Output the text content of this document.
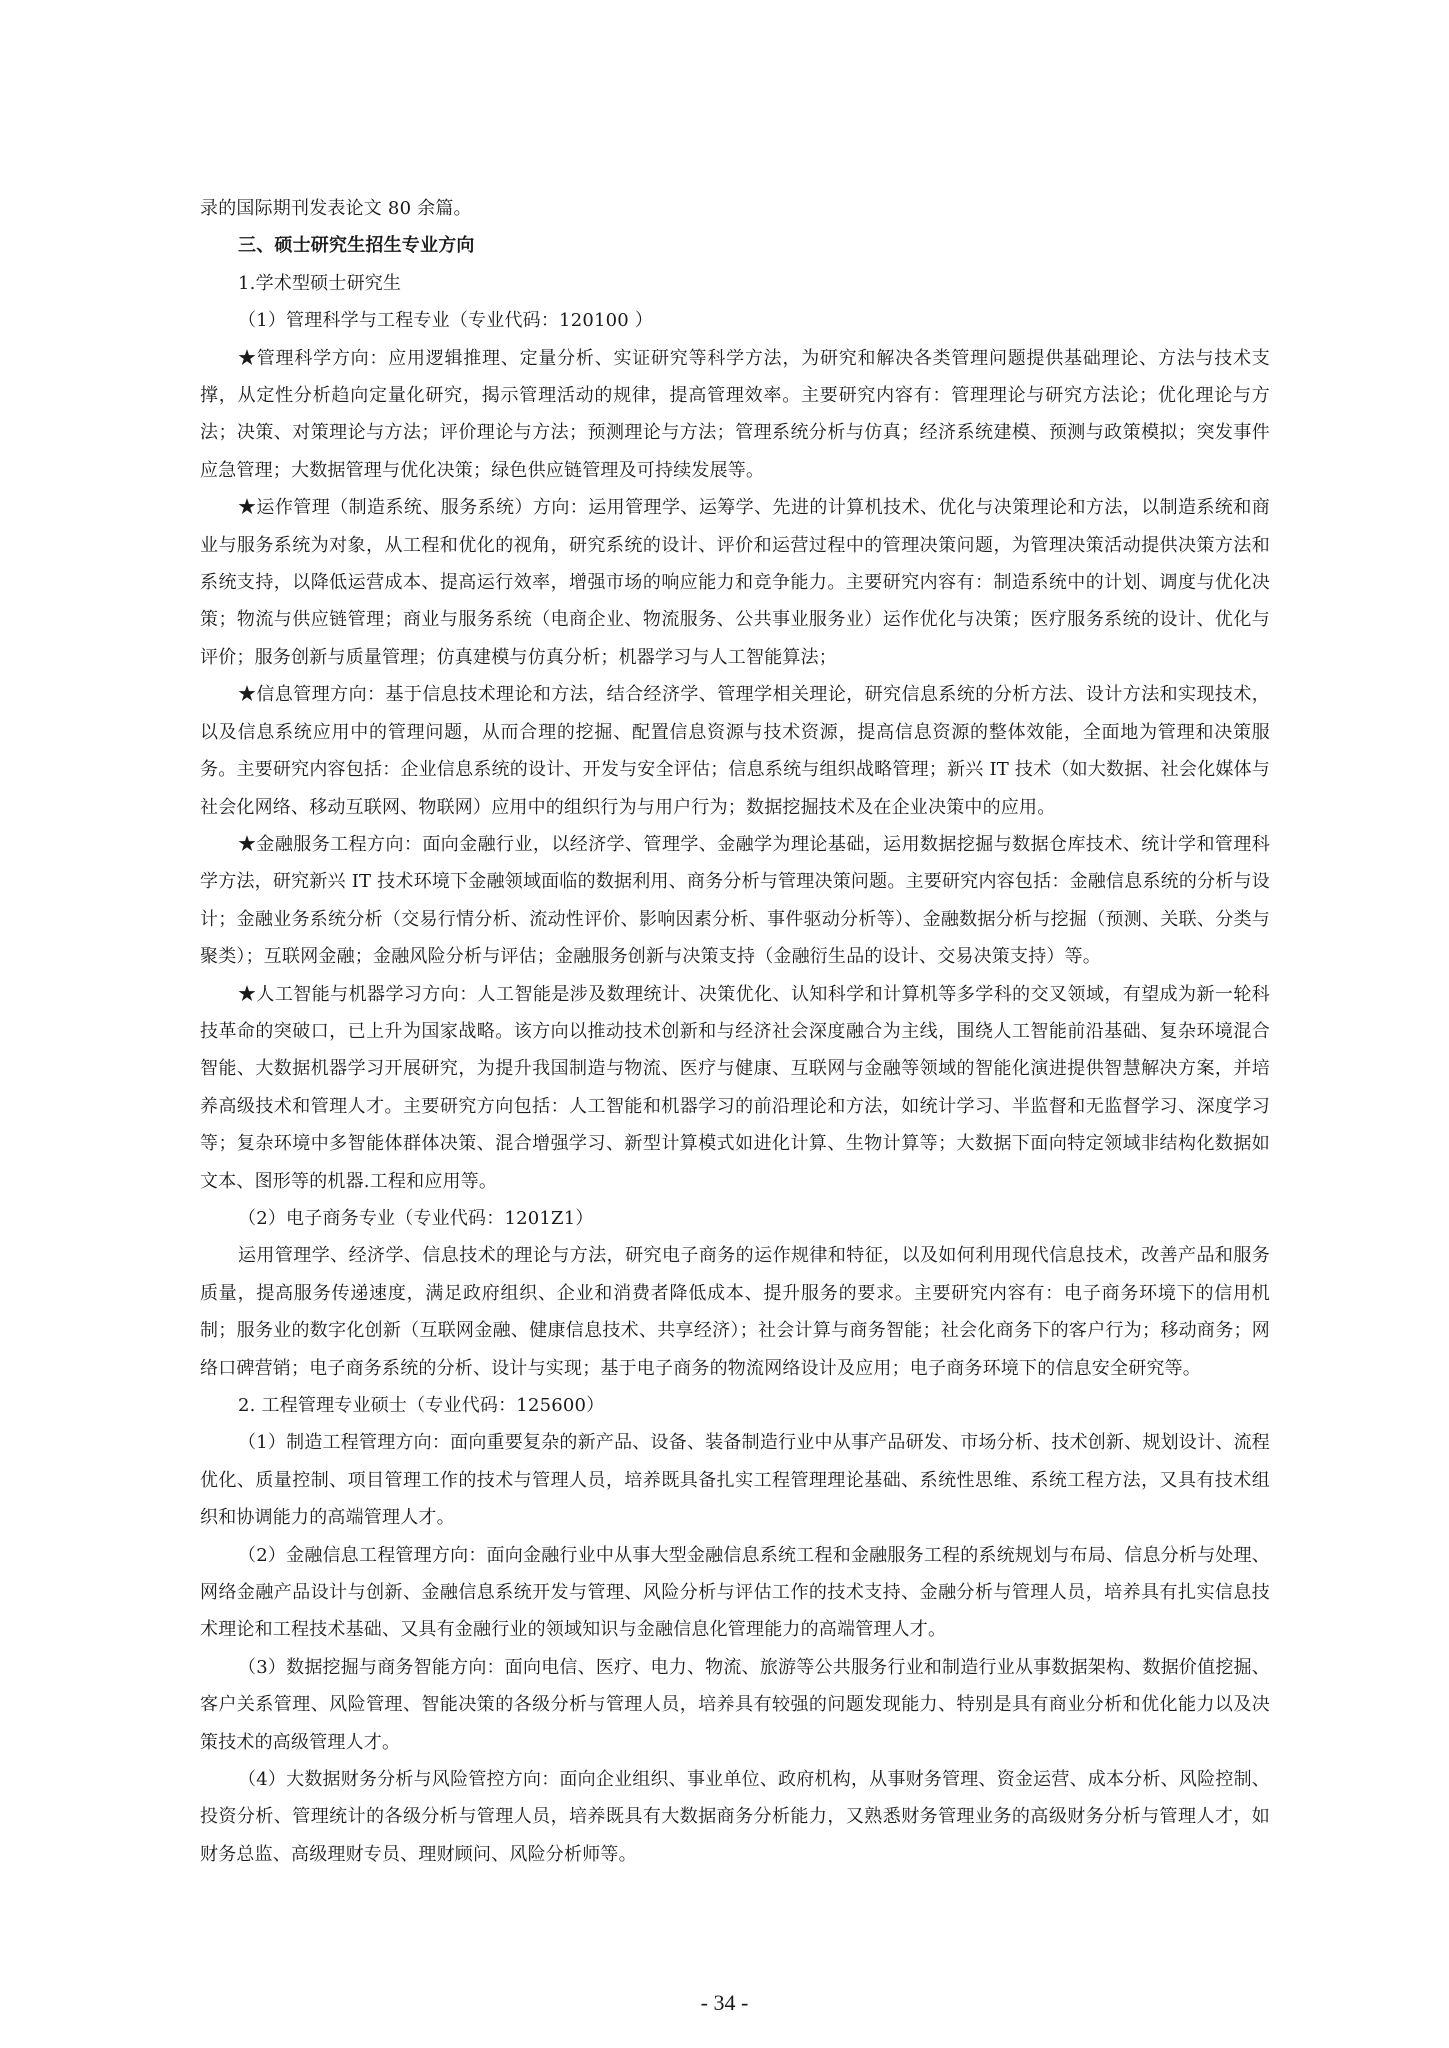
录的国际期刊发表论文 80 余篇。

三、硕士研究生招生专业方向

1.学术型硕士研究生

（1）管理科学与工程专业（专业代码：120100 ）

★管理科学方向：应用逻辑推理、定量分析、实证研究等科学方法，为研究和解决各类管理问题提供基础理论、方法与技术支撑，从定性分析趋向定量化研究，揭示管理活动的规律，提高管理效率。主要研究内容有：管理理论与研究方法论；优化理论与方法；决策、对策理论与方法；评价理论与方法；预测理论与方法；管理系统分析与仿真；经济系统建模、预测与政策模拟；突发事件应急管理；大数据管理与优化决策；绿色供应链管理及可持续发展等。

★运作管理（制造系统、服务系统）方向：运用管理学、运筹学、先进的计算机技术、优化与决策理论和方法，以制造系统和商业与服务系统为对象，从工程和优化的视角，研究系统的设计、评价和运营过程中的管理决策问题，为管理决策活动提供决策方法和系统支持，以降低运营成本、提高运行效率，增强市场的响应能力和竞争能力。主要研究内容有：制造系统中的计划、调度与优化决策；物流与供应链管理；商业与服务系统（电商企业、物流服务、公共事业服务业）运作优化与决策；医疗服务系统的设计、优化与评价；服务创新与质量管理；仿真建模与仿真分析；机器学习与人工智能算法；

★信息管理方向：基于信息技术理论和方法，结合经济学、管理学相关理论，研究信息系统的分析方法、设计方法和实现技术，以及信息系统应用中的管理问题，从而合理的挖掘、配置信息资源与技术资源，提高信息资源的整体效能，全面地为管理和决策服务。主要研究内容包括：企业信息系统的设计、开发与安全评估；信息系统与组织战略管理；新兴 IT 技术（如大数据、社会化媒体与社会化网络、移动互联网、物联网）应用中的组织行为与用户行为；数据挖掘技术及在企业决策中的应用。

★金融服务工程方向：面向金融行业，以经济学、管理学、金融学为理论基础，运用数据挖掘与数据仓库技术、统计学和管理科学方法，研究新兴 IT 技术环境下金融领域面临的数据利用、商务分析与管理决策问题。主要研究内容包括：金融信息系统的分析与设计；金融业务系统分析（交易行情分析、流动性评价、影响因素分析、事件驱动分析等）、金融数据分析与挖掘（预测、关联、分类与聚类）；互联网金融；金融风险分析与评估；金融服务创新与决策支持（金融衍生品的设计、交易决策支持）等。

★人工智能与机器学习方向：人工智能是涉及数理统计、决策优化、认知科学和计算机等多学科的交叉领域，有望成为新一轮科技革命的突破口，已上升为国家战略。该方向以推动技术创新和与经济社会深度融合为主线，围绕人工智能前沿基础、复杂环境混合智能、大数据机器学习开展研究，为提升我国制造与物流、医疗与健康、互联网与金融等领域的智能化演进提供智慧解决方案，并培养高级技术和管理人才。主要研究方向包括：人工智能和机器学习的前沿理论和方法，如统计学习、半监督和无监督学习、深度学习等；复杂环境中多智能体群体决策、混合增强学习、新型计算模式如进化计算、生物计算等；大数据下面向特定领域非结构化数据如文本、图形等的机器.工程和应用等。

（2）电子商务专业（专业代码：1201Z1）

运用管理学、经济学、信息技术的理论与方法，研究电子商务的运作规律和特征，以及如何利用现代信息技术，改善产品和服务质量，提高服务传递速度，满足政府组织、企业和消费者降低成本、提升服务的要求。主要研究内容有：电子商务环境下的信用机制；服务业的数字化创新（互联网金融、健康信息技术、共享经济）；社会计算与商务智能；社会化商务下的客户行为；移动商务；网络口碑营销；电子商务系统的分析、设计与实现；基于电子商务的物流网络设计及应用；电子商务环境下的信息安全研究等。

2. 工程管理专业硕士（专业代码：125600）

（1）制造工程管理方向：面向重要复杂的新产品、设备、装备制造行业中从事产品研发、市场分析、技术创新、规划设计、流程优化、质量控制、项目管理工作的技术与管理人员，培养既具备扎实工程管理理论基础、系统性思维、系统工程方法，又具有技术组织和协调能力的高端管理人才。

（2）金融信息工程管理方向：面向金融行业中从事大型金融信息系统工程和金融服务工程的系统规划与布局、信息分析与处理、网络金融产品设计与创新、金融信息系统开发与管理、风险分析与评估工作的技术支持、金融分析与管理人员，培养具有扎实信息技术理论和工程技术基础、又具有金融行业的领域知识与金融信息化管理能力的高端管理人才。

（3）数据挖掘与商务智能方向：面向电信、医疗、电力、物流、旅游等公共服务行业和制造行业从事数据架构、数据价值挖掘、客户关系管理、风险管理、智能决策的各级分析与管理人员，培养具有较强的问题发现能力、特别是具有商业分析和优化能力以及决策技术的高级管理人才。

（4）大数据财务分析与风险管控方向：面向企业组织、事业单位、政府机构，从事财务管理、资金运营、成本分析、风险控制、投资分析、管理统计的各级分析与管理人员，培养既具有大数据商务分析能力，又熟悉财务管理业务的高级财务分析与管理人才，如财务总监、高级理财专员、理财顾问、风险分析师等。

- 34 -
